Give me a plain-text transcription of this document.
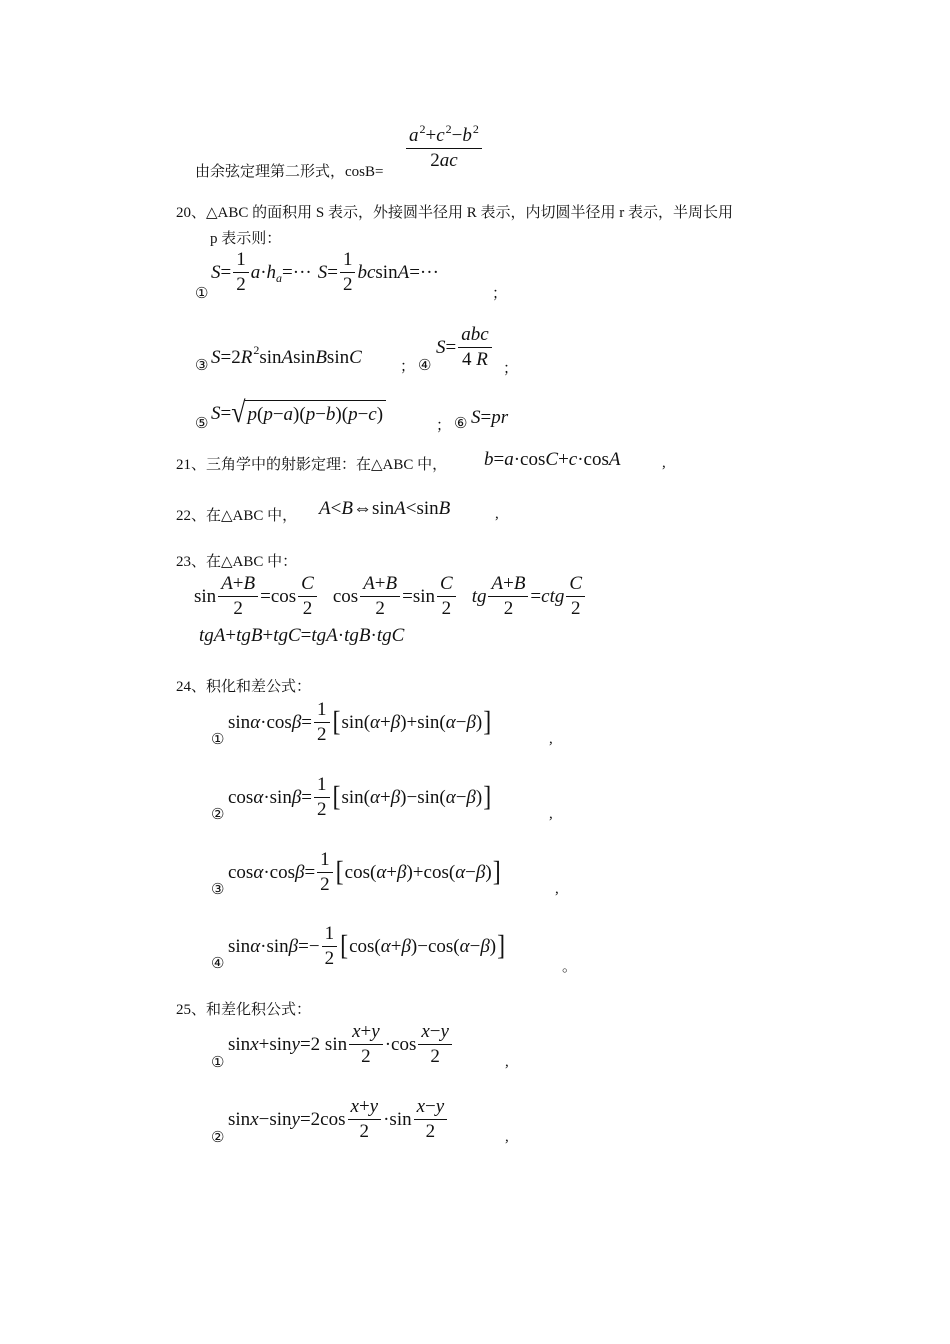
由余弦定理第二形式，cosB=
$\frac{a^2+c^2-b^2}{2ac}$
20、△ABC 的面积用 S 表示，外接圆半径用 R 表示，内切圆半径用 r 表示，半周长用
p 表示则：
①
$S = \frac{1}{2}$ a · h a =··· $S = \frac{1}{2}$ bc sin A =···
；
③ S =2 R 2 sin A sin B sin C	； ④
$S = \frac{\text{abc}}{4 R}$ ；
⑤
S = √ p ( p − a )( p − b )( p − c )
； ⑥ S = pr
21、三角学中的射影定理：在△ABC 中， b = a ·cos C + c ·cos A	,
22、在△ABC 中， A < B ⇔sin A <sin B	,
23、在△ABC 中：
$\sin \frac{A+B}{2} =\cos \frac{C}{2}$ $\cos \frac{A+B}{2} =\sin \frac{C}{2}$ tg $\frac{A+B}{2}$ = ctg $\frac{C}{2}$
tgA + tgB + tgC = tgA · tgB · tgC
24、积化和差公式：
①
sin α ·cos $\beta = \frac{1}{2}$ [ sin( α + β )+sin( α − β ) ]
,
②
cos α ·sin $\beta = \frac{1}{2}$ [ sin( α + β )−sin( α − β ) ]
,
③
cos α ·cos $\beta = \frac{1}{2}$ [ cos( α + β )+cos( α − β ) ]
,
④
sin α ·sin $\beta =- \frac{1}{2}$ [ cos( α + β )−cos( α − β ) ]
。
25、和差化积公式：
①
sin x +sin y =2 $\sin \frac{x+y}{2} \cdot\cos \frac{x-y}{2}$	,
②
sin x −sin $y =2\cos \frac{x+y}{2} \cdot\sin \frac{x-y}{2}$	,
